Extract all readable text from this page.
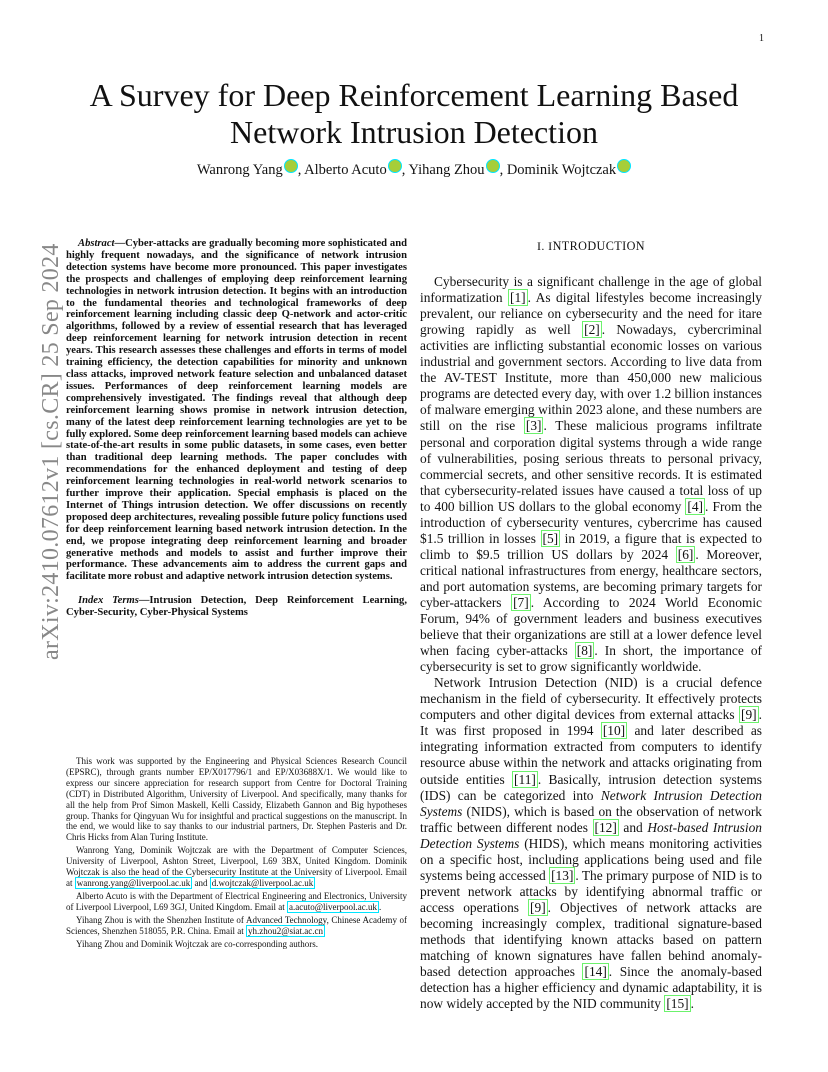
1
arXiv:2410.07612v1 [cs.CR] 25 Sep 2024
A Survey for Deep Reinforcement Learning Based
Network Intrusion Detection
Wanrong Yang , Alberto Acuto , Yihang Zhou , Dominik Wojtczak

Abstract—Cyber-attacks are gradually becoming more sophisticated and highly frequent nowadays, and the significance of network intrusion detection systems have become more pronounced. This paper investigates the prospects and challenges of employing deep reinforcement learning technologies in network intrusion detection. It begins with an introduction to the fundamental theories and technological frameworks of deep reinforcement learning including classic deep Q-network and actor-critic algorithms, followed by a review of essential research that has leveraged deep reinforcement learning for network intrusion detection in recent years. This research assesses these challenges and efforts in terms of model training efficiency, the detection capabilities for minority and unknown class attacks, improved network feature selection and unbalanced dataset issues. Performances of deep reinforcement learning models are comprehensively investigated. The findings reveal that although deep reinforcement learning shows promise in network intrusion detection, many of the latest deep reinforcement learning technologies are yet to be fully explored. Some deep reinforcement learning based models can achieve state-of-the-art results in some public datasets, in some cases, even better than traditional deep learning methods. The paper concludes with recommendations for the enhanced deployment and testing of deep reinforcement learning technologies in real-world network scenarios to further improve their application. Special emphasis is placed on the Internet of Things intrusion detection. We offer discussions on recently proposed deep architectures, revealing possible future policy functions used for deep reinforcement learning based network intrusion detection. In the end, we propose integrating deep reinforcement learning and broader generative methods and models to assist and further improve their performance. These advancements aim to address the current gaps and facilitate more robust and adaptive network intrusion detection systems.

Index Terms—Intrusion Detection, Deep Reinforcement Learning, Cyber-Security, Cyber-Physical Systems

This work was supported by the Engineering and Physical Sciences Research Council (EPSRC), through grants number EP/X017796/1 and EP/X03688X/1. We would like to express our sincere appreciation for research support from Centre for Doctoral Training (CDT) in Distributed Algorithm, University of Liverpool. And specifically, many thanks for all the help from Prof Simon Maskell, Kelli Cassidy, Elizabeth Gannon and Big hypotheses group. Thanks for Qingyuan Wu for insightful and practical suggestions on the manuscript. In the end, we would like to say thanks to our industrial partners, Dr. Stephen Pasteris and Dr. Chris Hicks from Alan Turing Institute.

Wanrong Yang, Dominik Wojtczak are with the Department of Computer Sciences, University of Liverpool, Ashton Street, Liverpool, L69 3BX, United Kingdom. Dominik Wojtczak is also the head of the Cybersecurity Institute at the University of Liverpool. Email at wanrong.yang@liverpool.ac.uk and d.wojtczak@liverpool.ac.uk

Alberto Acuto is with the Department of Electrical Engineering and Electronics, University of Liverpool Liverpool, L69 3GJ, United Kingdom. Email at a.acuto@liverpool.ac.uk .

Yihang Zhou is with the Shenzhen Institute of Advanced Technology, Chinese Academy of Sciences, Shenzhen 518055, P.R. China. Email at yh.zhou2@siat.ac.cn

Yihang Zhou and Dominik Wojtczak are co-corresponding authors.

I. INTRODUCTION

Cybersecurity is a significant challenge in the age of global informatization [1] . As digital lifestyles become increasingly prevalent, our reliance on cybersecurity and the need for itare growing rapidly as well [2] . Nowadays, cybercriminal activities are inflicting substantial economic losses on various industrial and government sectors. According to live data from the AV-TEST Institute, more than 450,000 new malicious programs are detected every day, with over 1.2 billion instances of malware emerging within 2023 alone, and these numbers are still on the rise [3] . These malicious programs infiltrate personal and corporation digital systems through a wide range of vulnerabilities, posing serious threats to personal privacy, commercial secrets, and other sensitive records. It is estimated that cybersecurity-related issues have caused a total loss of up to 400 billion US dollars to the global economy [4] . From the introduction of cybersecurity ventures, cybercrime has caused $1.5 trillion in losses [5] in 2019, a figure that is expected to climb to $9.5 trillion US dollars by 2024 [6] . Moreover, critical national infrastructures from energy, healthcare sectors, and port automation systems, are becoming primary targets for cyber-attackers [7] . According to 2024 World Economic Forum, 94% of government leaders and business executives believe that their organizations are still at a lower defence level when facing cyber-attacks [8] . In short, the importance of cybersecurity is set to grow significantly worldwide.

Network Intrusion Detection (NID) is a crucial defence mechanism in the field of cybersecurity. It effectively protects computers and other digital devices from external attacks [9] . It was first proposed in 1994 [10] and later described as integrating information extracted from computers to identify resource abuse within the network and attacks originating from outside entities [11] . Basically, intrusion detection systems (IDS) can be categorized into Network Intrusion Detection Systems (NIDS), which is based on the observation of network traffic between different nodes [12] and Host-based Intrusion Detection Systems (HIDS), which means monitoring activities on a specific host, including applications being used and file systems being accessed [13] . The primary purpose of NID is to prevent network attacks by identifying abnormal traffic or access operations [9] . Objectives of network attacks are becoming increasingly complex, traditional signature-based methods that identifying known attacks based on pattern matching of known signatures have fallen behind anomaly-based detection approaches [14] . Since the anomaly-based detection has a higher efficiency and dynamic adaptability, it is now widely accepted by the NID community [15] .
